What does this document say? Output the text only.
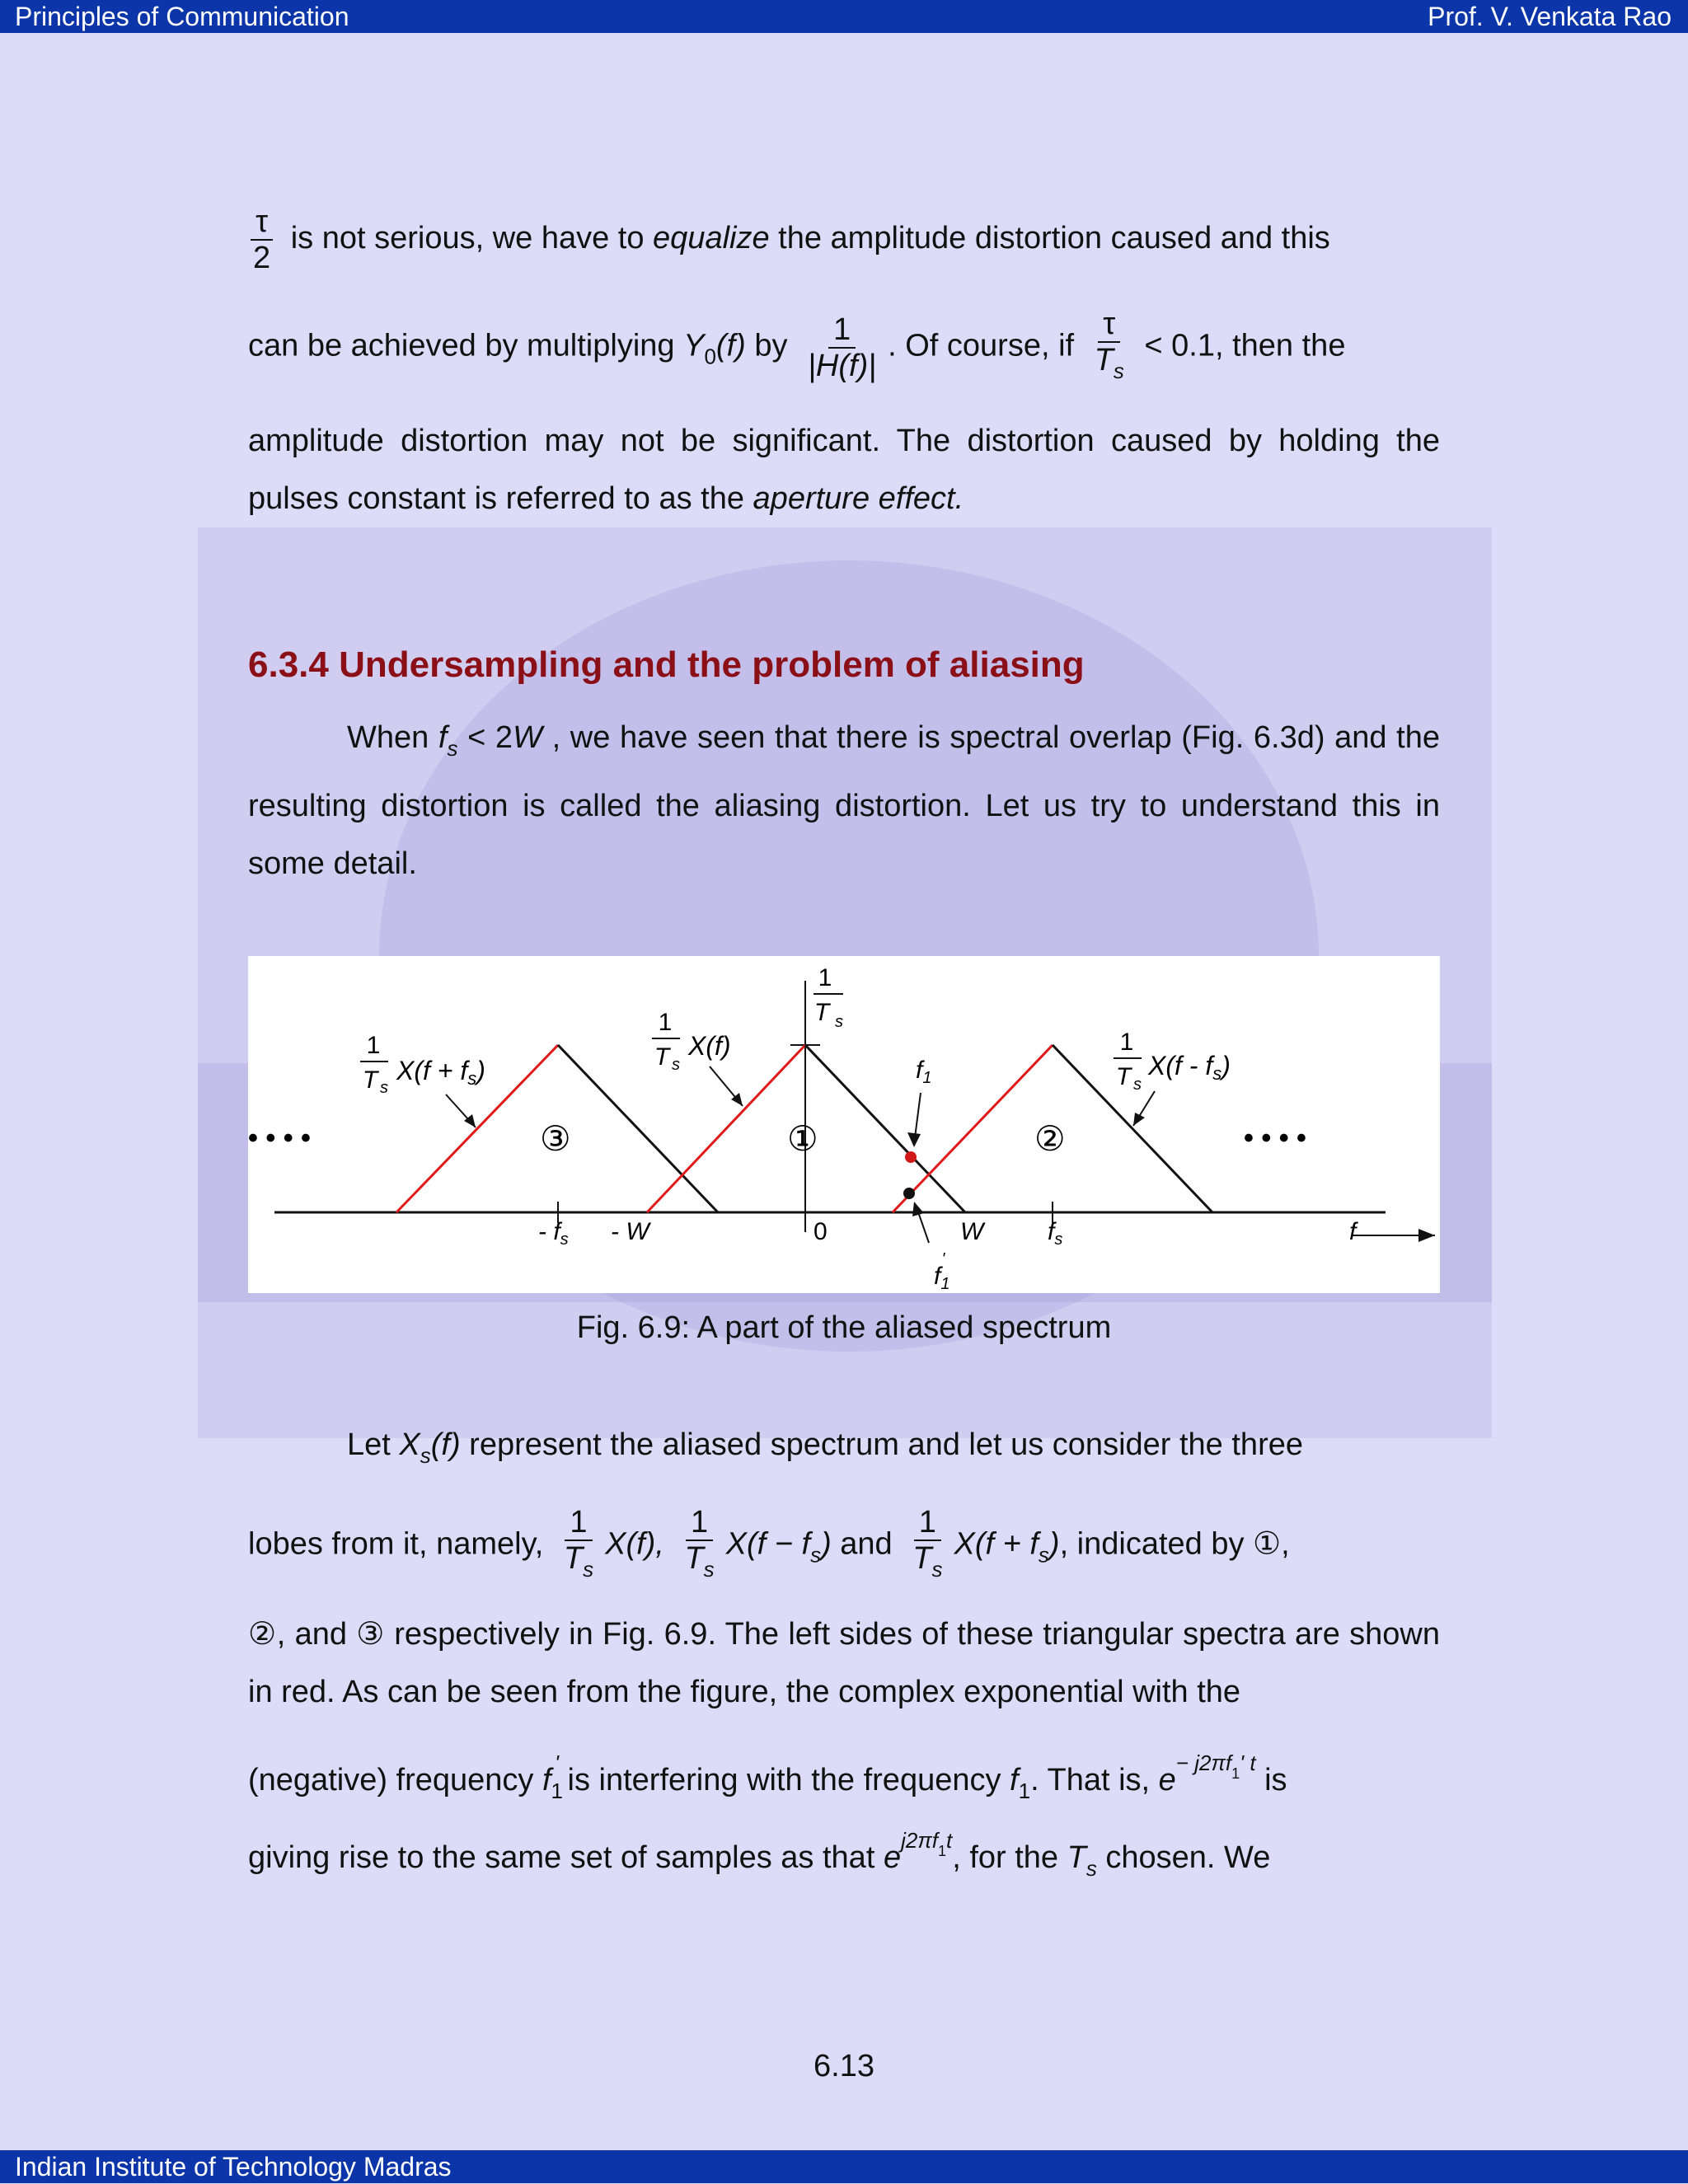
Principles of Communication	Prof. V. Venkata Rao
$\frac{\tau}{2}$ is not serious, we have to equalize the amplitude distortion caused and this
can be achieved by multiplying $Y_0(f)$ by $\frac{1}{|H(f)|}$ . Of course, if $\frac{\tau}{T_s} < 0.1$, then the
amplitude distortion may not be significant. The distortion caused by holding the pulses constant is referred to as the aperture effect.
6.3.4 Undersampling and the problem of aliasing
When $f_s < 2W$ , we have seen that there is spectral overlap (Fig. 6.3d) and the resulting distortion is called the aliasing distortion. Let us try to understand this in some detail.
• • • •	• • • •
③	①	②
1
T s
1
T s
X(f + fs)
1
T s
X(f)	1
T s
X(f - fs)
$f_1$
$f_1'$
- $f_s$ - W	0	W	$f_s$	f
Fig. 6.9: A part of the aliased spectrum
Let $X_s(f)$ represent the aliased spectrum and let us consider the three
lobes from it, namely, $\frac{1}{T_s} X(f)$, $\frac{1}{T_s} X(f - f_s)$ and $\frac{1}{T_s} X(f + f_s)$, indicated by ①,
②, and ③ respectively in Fig. 6.9. The left sides of these triangular spectra are shown in red. As can be seen from the figure, the complex exponential with the
(negative) frequency $f_1'$ is interfering with the frequency $f_1$. That is, $e^{- j2\pi f1'}$ $^t$ is
giving rise to the same set of samples as that $e^{j2\pi f1t}$, for the $T_s$ chosen. We
6.13
Indian Institute of Technology Madras
